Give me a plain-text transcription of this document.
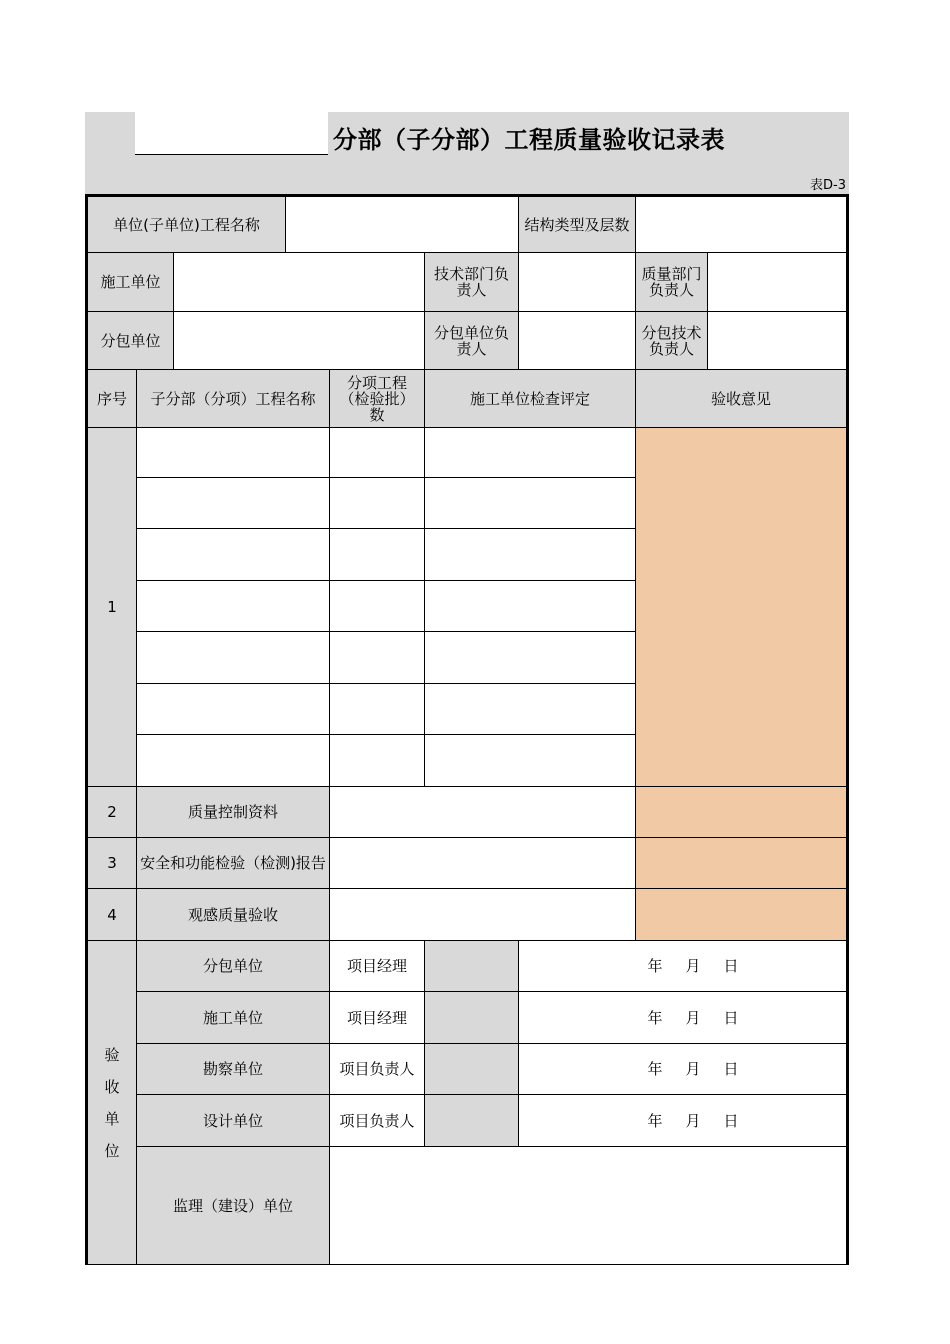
分部（子分部）工程质量验收记录表
表D-3
单位(子单位)工程名称						结构类型及层数		
施工单位					技术部门负责人		质量部门负责人	
分包单位					分包单位负责人		分包技术负责人	
序号	子分部（分项）工程名称			分项工程（检验批）数	施工单位检查评定		验收意见	
1								

2	质量控制资料							
3	安全和功能检验（检测)报告							
4	观感质量验收							
验
收
单
位	分包单位			项目经理		年 月 日		
	施工单位			项目经理		年 月 日		
	勘察单位			项目负责人		年 月 日		
	设计单位			项目负责人		年 月 日		
	监理（建设）单位							
